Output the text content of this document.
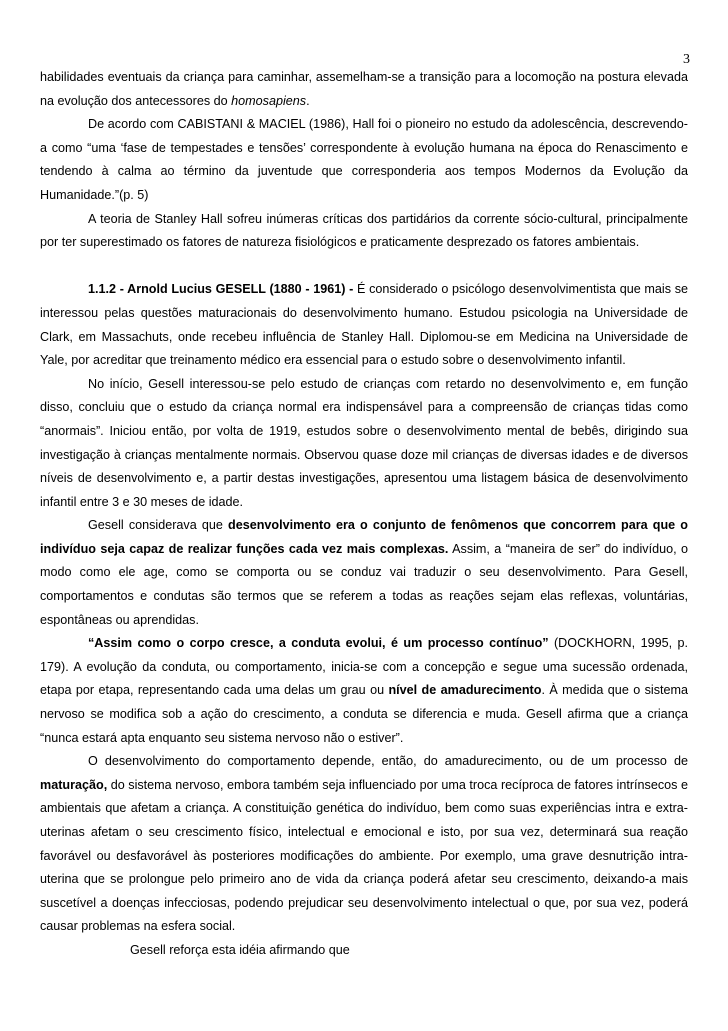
3

habilidades eventuais da criança para caminhar, assemelham-se a transição para a locomoção na postura elevada na evolução dos antecessores do homosapiens.

De acordo com CABISTANI & MACIEL (1986), Hall foi o pioneiro no estudo da adolescência, descrevendo-a como “uma ‘fase de tempestades e tensões’ correspondente à evolução humana na época do Renascimento e tendendo à calma ao término da juventude que corresponderia aos tempos Modernos da Evolução da Humanidade.”(p. 5)

A teoria de Stanley Hall sofreu inúmeras críticas dos partidários da corrente sócio-cultural, principalmente por ter superestimado os fatores de natureza fisiológicos e praticamente desprezado os fatores ambientais.

1.1.2 - Arnold Lucius GESELL (1880 - 1961) - É considerado o psicólogo desenvolvimentista que mais se interessou pelas questões maturacionais do desenvolvimento humano. Estudou psicologia na Universidade de Clark, em Massachuts, onde recebeu influência de Stanley Hall. Diplomou-se em Medicina na Universidade de Yale, por acreditar que treinamento médico era essencial para o estudo sobre o desenvolvimento infantil.

No início, Gesell interessou-se pelo estudo de crianças com retardo no desenvolvimento e, em função disso, concluiu que o estudo da criança normal era indispensável para a compreensão de crianças tidas como “anormais”. Iniciou então, por volta de 1919, estudos sobre o desenvolvimento mental de bebês, dirigindo sua investigação à crianças mentalmente normais. Observou quase doze mil crianças de diversas idades e de diversos níveis de desenvolvimento e, a partir destas investigações, apresentou uma listagem básica de desenvolvimento infantil entre 3 e 30 meses de idade.

Gesell considerava que desenvolvimento era o conjunto de fenômenos que concorrem para que o indivíduo seja capaz de realizar funções cada vez mais complexas. Assim, a “maneira de ser” do indivíduo, o modo como ele age, como se comporta ou se conduz vai traduzir o seu desenvolvimento. Para Gesell, comportamentos e condutas são termos que se referem a todas as reações sejam elas reflexas, voluntárias, espontâneas ou aprendidas.

“Assim como o corpo cresce, a conduta evolui, é um processo contínuo” (DOCKHORN, 1995, p. 179). A evolução da conduta, ou comportamento, inicia-se com a concepção e segue uma sucessão ordenada, etapa por etapa, representando cada uma delas um grau ou nível de amadurecimento. À medida que o sistema nervoso se modifica sob a ação do crescimento, a conduta se diferencia e muda. Gesell afirma que a criança “nunca estará apta enquanto seu sistema nervoso não o estiver”.

O desenvolvimento do comportamento depende, então, do amadurecimento, ou de um processo de maturação, do sistema nervoso, embora também seja influenciado por uma troca recíproca de fatores intrínsecos e ambientais que afetam a criança. A constituição genética do indivíduo, bem como suas experiências intra e extra-uterinas afetam o seu crescimento físico, intelectual e emocional e isto, por sua vez, determinará sua reação favorável ou desfavorável às posteriores modificações do ambiente. Por exemplo, uma grave desnutrição intra-uterina que se prolongue pelo primeiro ano de vida da criança poderá afetar seu crescimento, deixando-a mais suscetível a doenças infecciosas, podendo prejudicar seu desenvolvimento intelectual o que, por sua vez, poderá causar problemas na esfera social.

Gesell reforça esta idéia afirmando que
